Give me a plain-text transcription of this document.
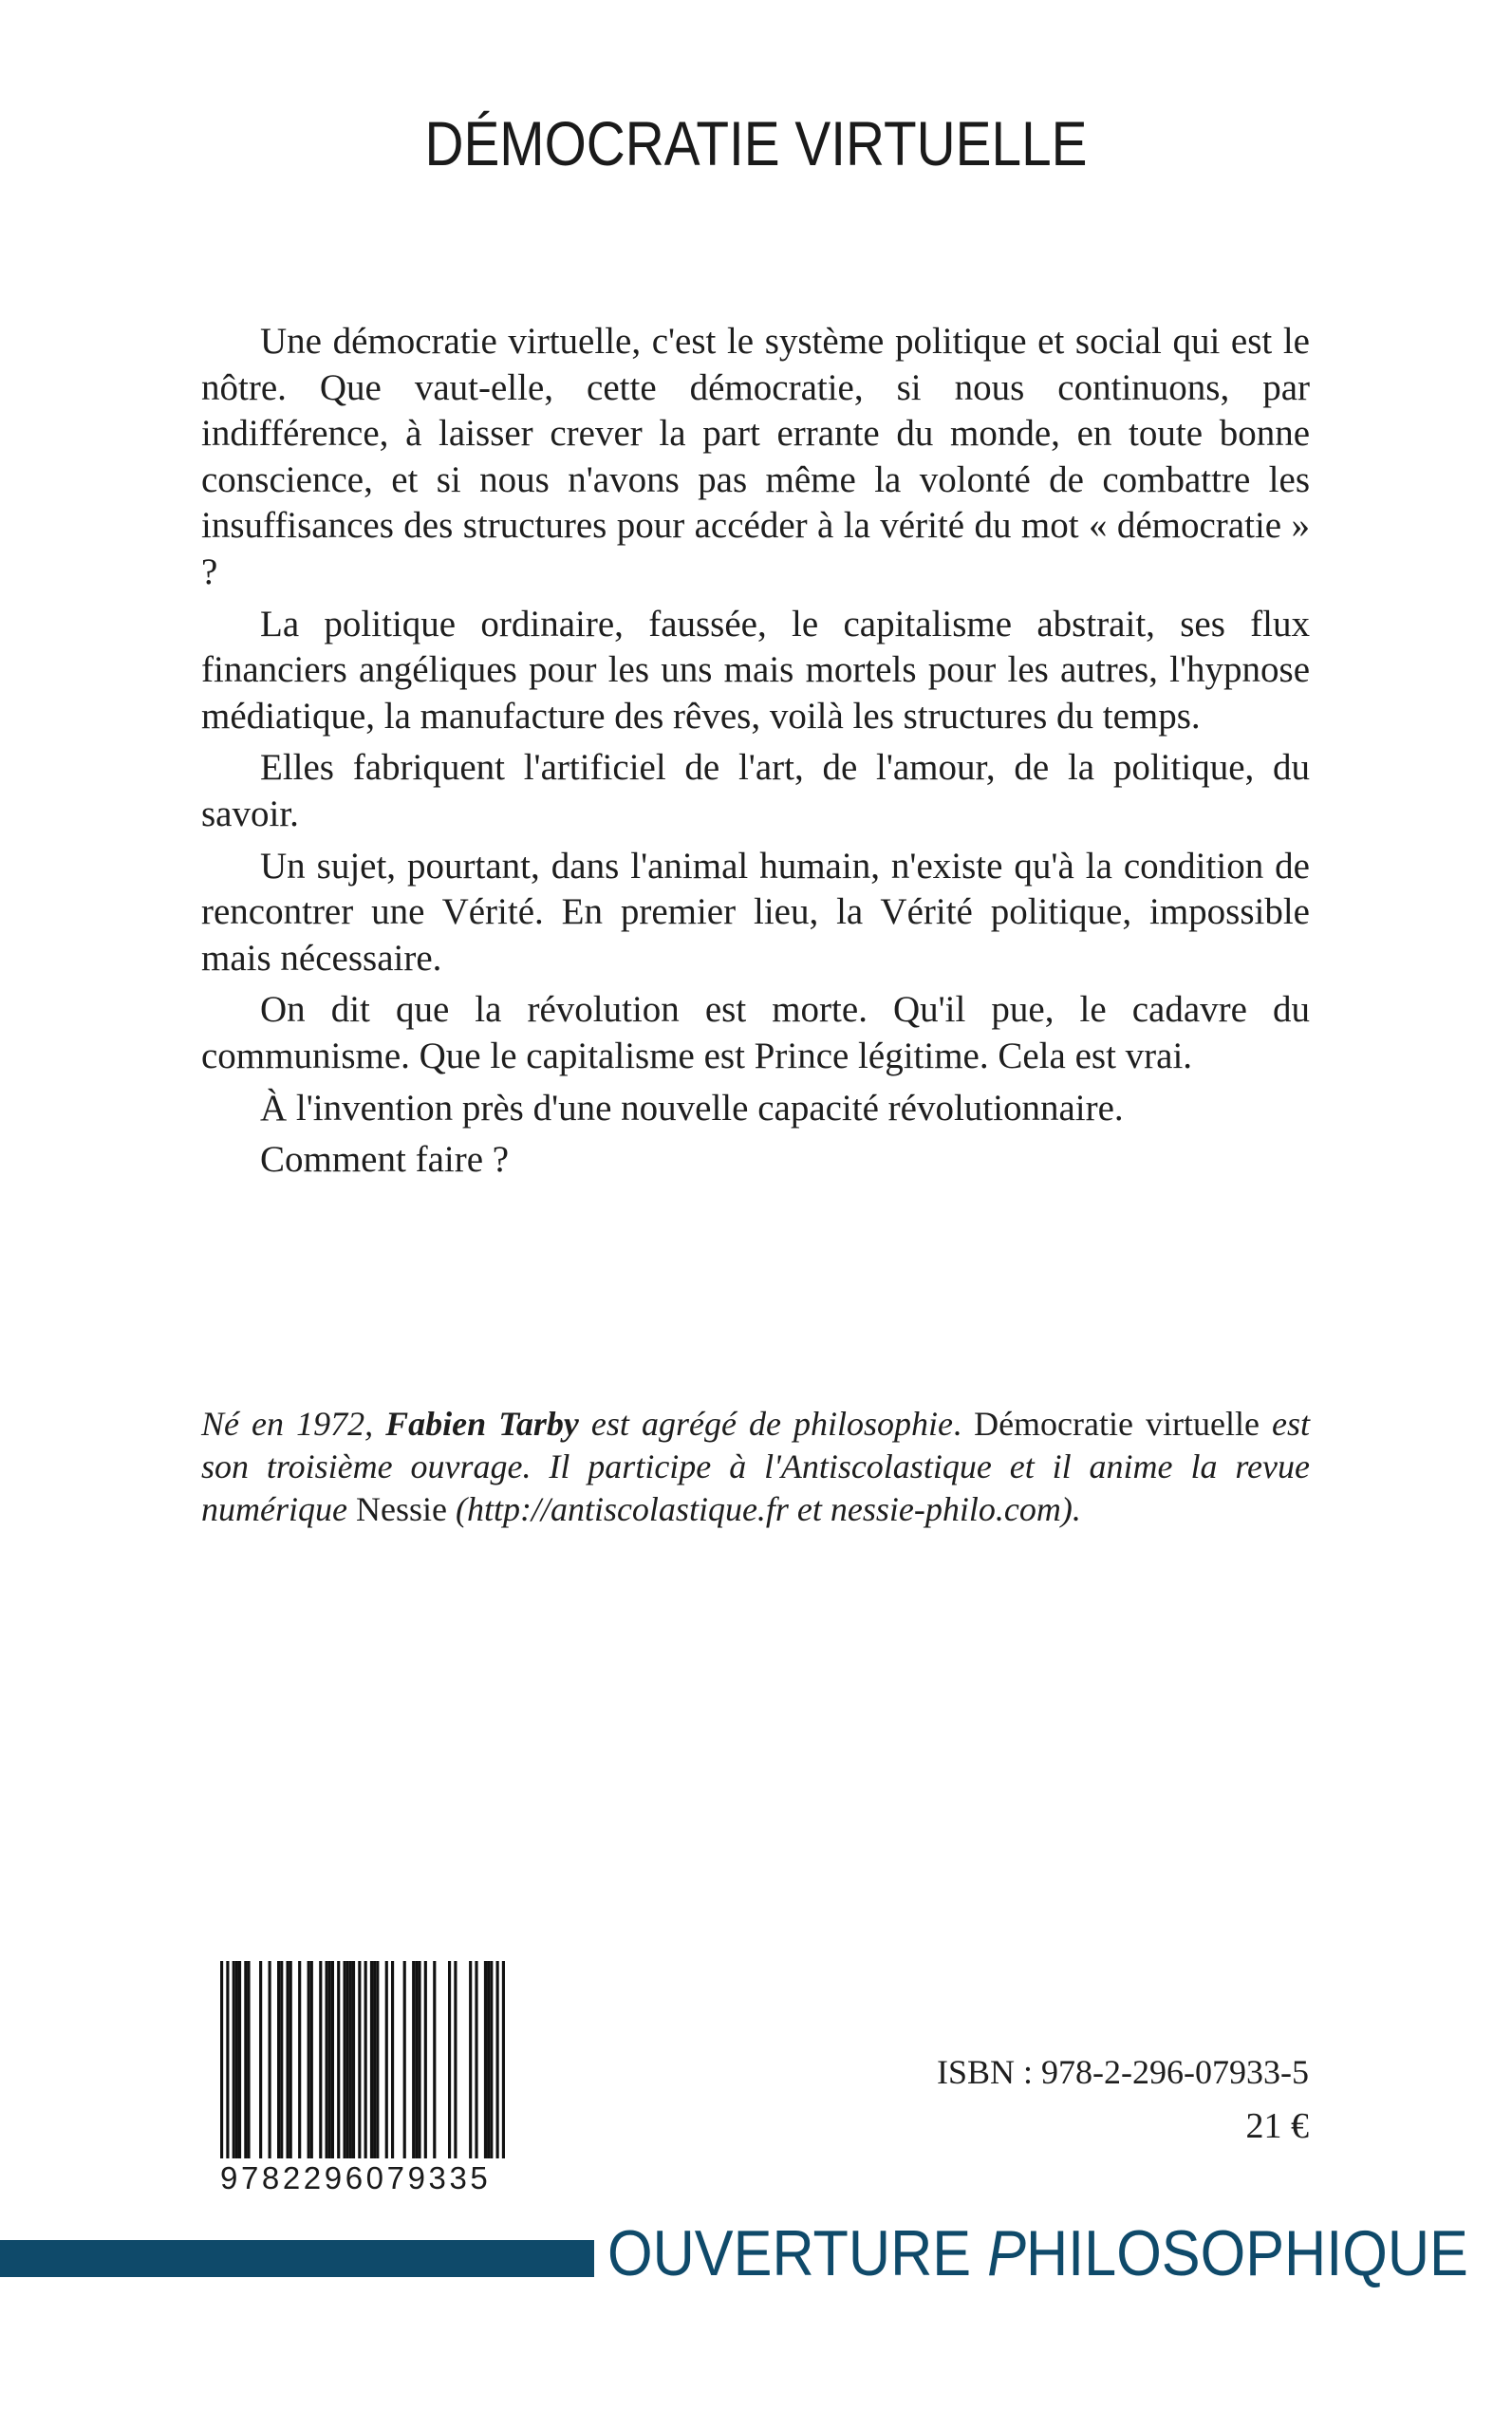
DÉMOCRATIE VIRTUELLE

Une démocratie virtuelle, c'est le système politique et social qui est le nôtre. Que vaut-elle, cette démocratie, si nous continuons, par indifférence, à laisser crever la part errante du monde, en toute bonne conscience, et si nous n'avons pas même la volonté de combattre les insuffisances des structures pour accéder à la vérité du mot « démocratie » ?

La politique ordinaire, faussée, le capitalisme abstrait, ses flux financiers angéliques pour les uns mais mortels pour les autres, l'hypnose médiatique, la manufacture des rêves, voilà les structures du temps.

Elles fabriquent l'artificiel de l'art, de l'amour, de la politique, du savoir.

Un sujet, pourtant, dans l'animal humain, n'existe qu'à la condition de rencontrer une Vérité. En premier lieu, la Vérité politique, impossible mais nécessaire.

On dit que la révolution est morte. Qu'il pue, le cadavre du communisme. Que le capitalisme est Prince légitime. Cela est vrai.

À l'invention près d'une nouvelle capacité révolutionnaire.

Comment faire ?

Né en 1972, Fabien Tarby est agrégé de philosophie. Démocratie virtuelle est son troisième ouvrage. Il participe à l'Antiscolastique et il anime la revue numérique Nessie (http://antiscolastique.fr et nessie-philo.com).

9782296079335
ISBN : 978-2-296-07933-5
21 €
OUVERTURE PHILOSOPHIQUE
